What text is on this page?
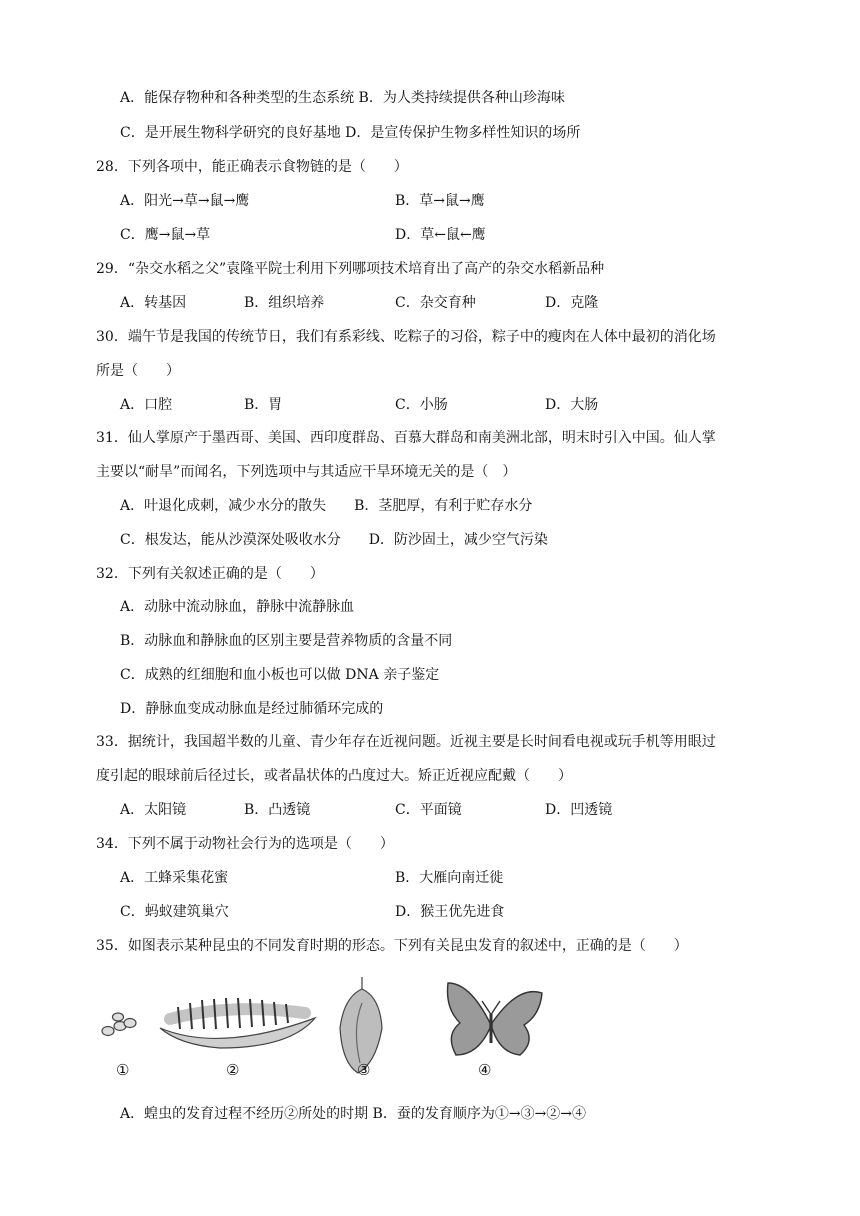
A．能保存物种和各种类型的生态系统 B．为人类持续提供各种山珍海味
C．是开展生物科学研究的良好基地 D．是宣传保护生物多样性知识的场所
28．下列各项中，能正确表示食物链的是（　　）
A．阳光→草→鼠→鹰	B．草→鼠→鹰
C．鹰→鼠→草	D．草←鼠←鹰
29．“杂交水稻之父”袁隆平院士利用下列哪项技术培育出了高产的杂交水稻新品种
A．转基因	B．组织培养	C．杂交育种	D．克隆
30．端午节是我国的传统节日，我们有系彩线、吃粽子的习俗，粽子中的瘦肉在人体中最初的消化场
所是（　　）
A．口腔	B．胃	C．小肠	D．大肠
31．仙人掌原产于墨西哥、美国、西印度群岛、百慕大群岛和南美洲北部，明末时引入中国。仙人掌
主要以“耐旱”而闻名，下列选项中与其适应干旱环境无关的是（　）
A．叶退化成刺，减少水分的散失　　B．茎肥厚，有利于贮存水分
C．根发达，能从沙漠深处吸收水分　　D．防沙固土，减少空气污染
32．下列有关叙述正确的是（　　）
A．动脉中流动脉血，静脉中流静脉血
B．动脉血和静脉血的区别主要是营养物质的含量不同
C．成熟的红细胞和血小板也可以做 DNA 亲子鉴定
D．静脉血变成动脉血是经过肺循环完成的
33．据统计，我国超半数的儿童、青少年存在近视问题。近视主要是长时间看电视或玩手机等用眼过
度引起的眼球前后径过长，或者晶状体的凸度过大。矫正近视应配戴（　　）
A．太阳镜	B．凸透镜	C．平面镜	D．凹透镜
34．下列不属于动物社会行为的选项是（　　）
A．工蜂采集花蜜	B．大雁向南迁徙
C．蚂蚁建筑巢穴	D．猴王优先进食
35．如图表示某种昆虫的不同发育时期的形态。下列有关昆虫发育的叙述中，正确的是（　　）
①	②	③	④
A．蝗虫的发育过程不经历②所处的时期 B．蚕的发育顺序为①→③→②→④
